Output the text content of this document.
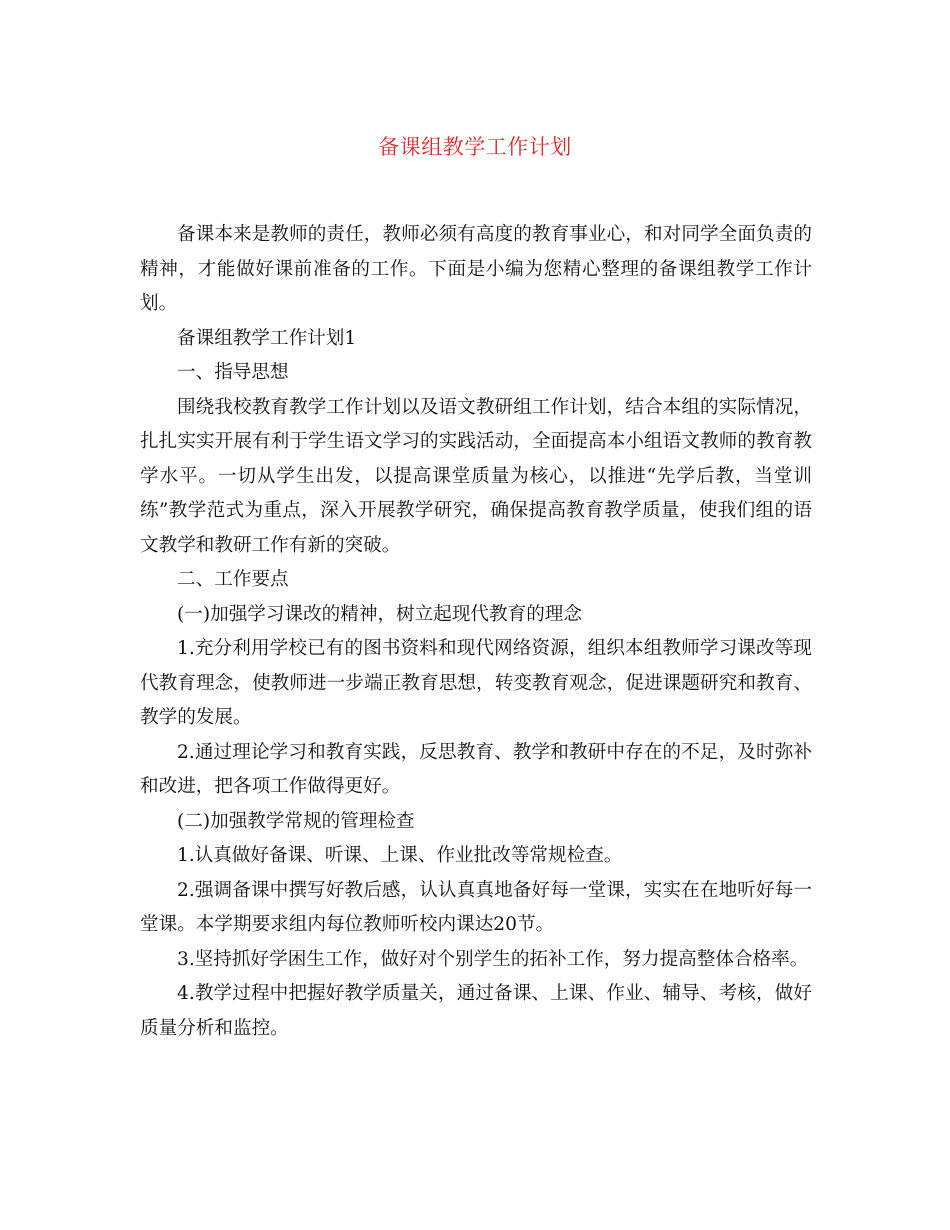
备课组教学工作计划

备课本来是教师的责任，教师必须有高度的教育事业心，和对同学全面负责的精神，才能做好课前准备的工作。下面是小编为您精心整理的备课组教学工作计划。

备课组教学工作计划1

一、指导思想

围绕我校教育教学工作计划以及语文教研组工作计划，结合本组的实际情况，扎扎实实开展有利于学生语文学习的实践活动，全面提高本小组语文教师的教育教学水平。一切从学生出发，以提高课堂质量为核心，以推进“先学后教，当堂训练”教学范式为重点，深入开展教学研究，确保提高教育教学质量，使我们组的语文教学和教研工作有新的突破。

二、工作要点

(一)加强学习课改的精神，树立起现代教育的理念

1.充分利用学校已有的图书资料和现代网络资源，组织本组教师学习课改等现代教育理念，使教师进一步端正教育思想，转变教育观念，促进课题研究和教育、教学的发展。

2.通过理论学习和教育实践，反思教育、教学和教研中存在的不足，及时弥补和改进，把各项工作做得更好。

(二)加强教学常规的管理检查

1.认真做好备课、听课、上课、作业批改等常规检查。

2.强调备课中撰写好教后感，认认真真地备好每一堂课，实实在在地听好每一堂课。本学期要求组内每位教师听校内课达20节。

3.坚持抓好学困生工作，做好对个别学生的拓补工作，努力提高整体合格率。

4.教学过程中把握好教学质量关，通过备课、上课、作业、辅导、考核，做好质量分析和监控。
